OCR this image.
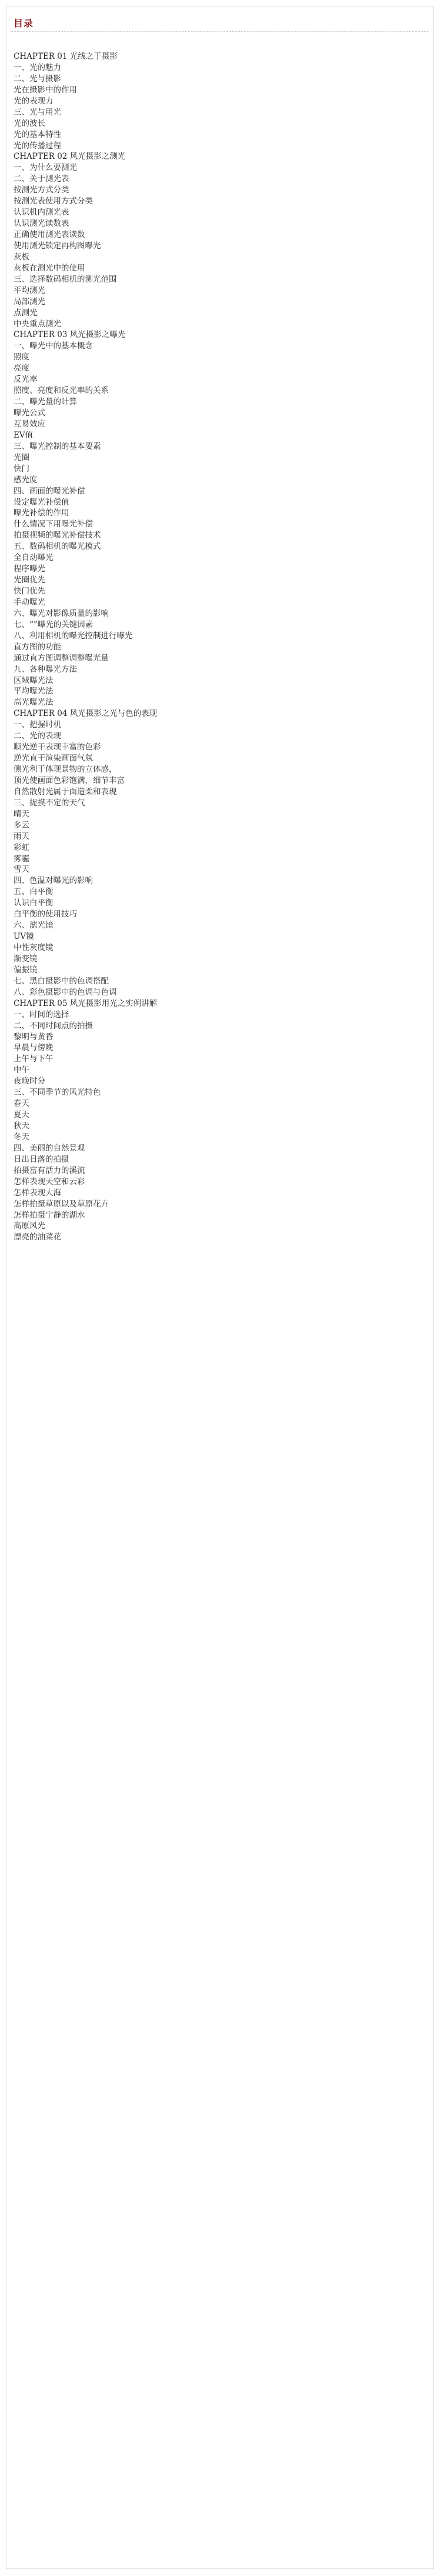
目录
CHAPTER 01 光线之于摄影
一、光的魅力
二、光与摄影
光在摄影中的作用
光的表现力
三、光与用光
光的波长
光的基本特性
光的传播过程
CHAPTER 02 风光摄影之测光
一、为什么要测光
二、关于测光表
按测光方式分类
按测光表使用方式分类
认识机内测光表
认识测光读数表
正确使用测光表读数
使用测光锁定再构图曝光
灰板
灰板在测光中的使用
三、选择数码相机的测光范围
平均测光
局部测光
点测光
中央重点测光
CHAPTER 03 风光摄影之曝光
一、曝光中的基本概念
照度
亮度
反光率
照度、亮度和反光率的关系
二、曝光量的计算
曝光公式
互易效应
EV值
三、曝光控制的基本要素
光圈
快门
感光度
四、画面的曝光补偿
设定曝光补偿值
曝光补偿的作用
什么情况下用曝光补偿
拍摄视频的曝光补偿技术
五、数码相机的曝光模式
全自动曝光
程序曝光
光圈优先
快门优先
手动曝光
六、曝光对影像质量的影响
七、“”曝光的关键因素
八、利用相机的曝光控制进行曝光
直方图的功能
通过直方图调整调整曝光量
九、各种曝光方法
区域曝光法
平均曝光法
高光曝光法
CHAPTER 04 风光摄影之光与色的表现
一、把握时机
二、光的表现
顺光逆干表现丰富的色彩
逆光直干渲染画面气氛
侧光利于体现景物的立体感，
顶光使画面色彩饱满，细节丰富
自然散射光属于面造柔和表现
三、捉摸不定的天气
晴天
多云
雨天
彩虹
雾霾
雪天
四、色温对曝光的影响
五、白平衡
认识白平衡
白平衡的使用技巧
六、滤光镜
UV镜
中性灰度镜
渐变镜
偏振镜
七、黑白摄影中的色调搭配
八、彩色摄影中的色调与色调
CHAPTER 05 风光摄影用光之实例讲解
一、时间的选择
二、不同时间点的拍摄
黎明与黄昏
早晨与傍晚
上午与下午
中午
夜晚时分
三、不同季节的风光特色
春天
夏天
秋天
冬天
四、美丽的自然景观
日出日落的拍摄
拍摄富有活力的溪流
怎样表现天空和云彩
怎样表现大海
怎样拍摄草原以及草原花卉
怎样拍摄宁静的湖水
高原风光
漂亮的油菜花
